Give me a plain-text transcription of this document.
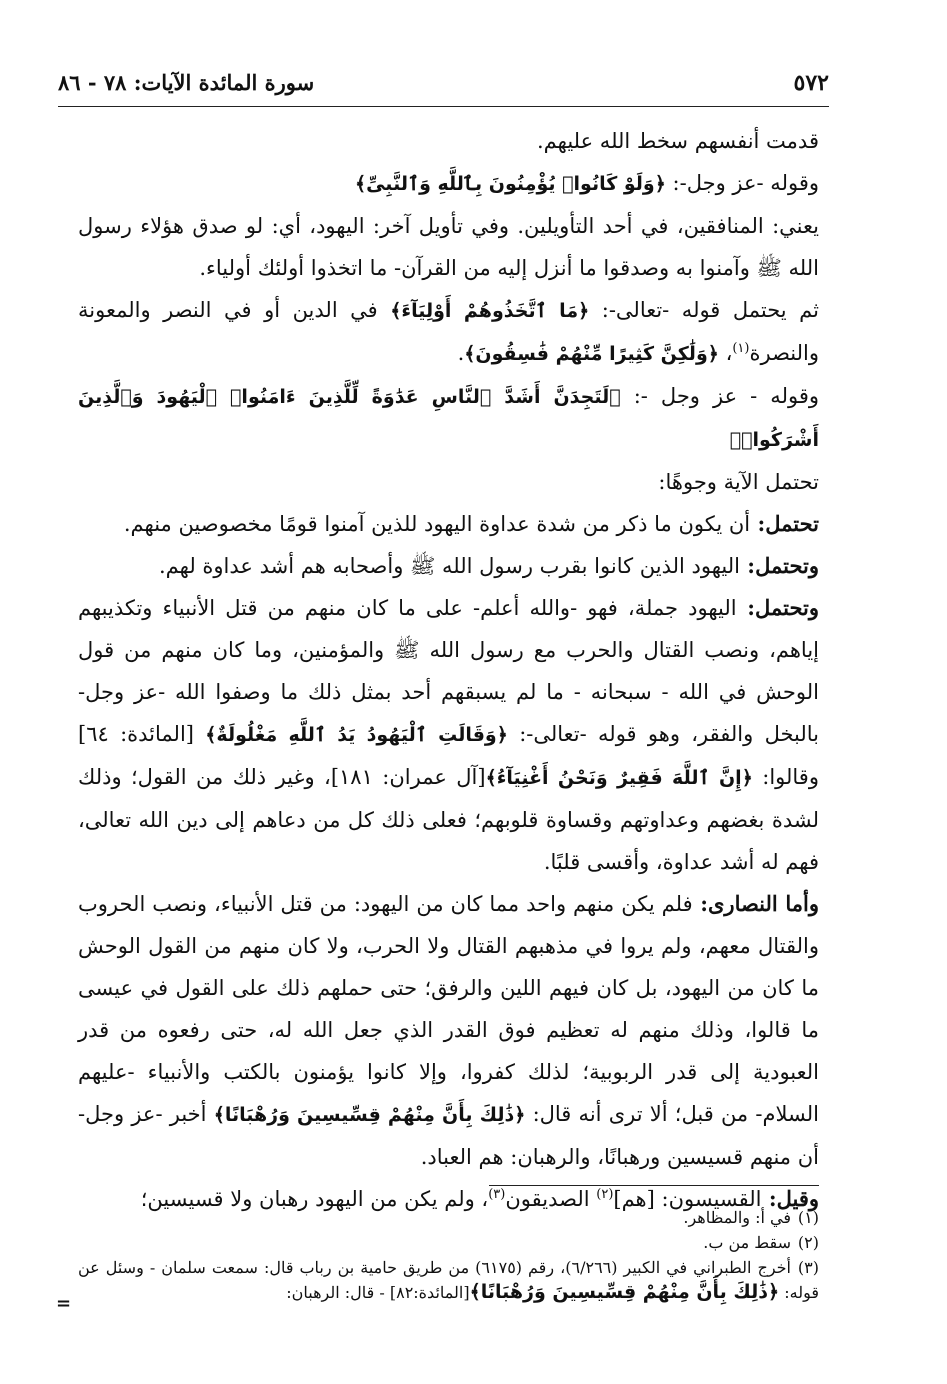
٥٧٢
سورة المائدة الآيات: ٧٨ - ٨٦

قدمت أنفسهم سخط الله عليهم.

وقوله -عز وجل-: ﴿وَلَوْ كَانُوا۟ يُؤْمِنُونَ بِٱللَّهِ وَٱلنَّبِىِّ﴾

يعني: المنافقين، في أحد التأويلين. وفي تأويل آخر: اليهود، أي: لو صدق هؤلاء رسول الله ﷺ وآمنوا به وصدقوا ما أنزل إليه من القرآن- ما اتخذوا أولئك أولياء.

ثم يحتمل قوله -تعالى-: ﴿مَا ٱتَّخَذُوهُمْ أَوْلِيَآءَ﴾ في الدين أو في النصر والمعونة والنصرة$^{(١)}$، ﴿وَلَٰكِنَّ كَثِيرًا مِّنْهُمْ فَٰسِقُونَ﴾.

وقوله - عز وجل -: ﴿لَتَجِدَنَّ أَشَدَّ ٱلنَّاسِ عَدَٰوَةً لِّلَّذِينَ ءَامَنُوا۟ ٱلْيَهُودَ وَٱلَّذِينَ أَشْرَكُوا۟﴾

تحتمل الآية وجوهًا:

تحتمل: أن يكون ما ذكر من شدة عداوة اليهود للذين آمنوا قومًا مخصوصين منهم.

وتحتمل: اليهود الذين كانوا بقرب رسول الله ﷺ وأصحابه هم أشد عداوة لهم.

وتحتمل: اليهود جملة، فهو -والله أعلم- على ما كان منهم من قتل الأنبياء وتكذيبهم إياهم، ونصب القتال والحرب مع رسول الله ﷺ والمؤمنين، وما كان منهم من قول الوحش في الله - سبحانه - ما لم يسبقهم أحد بمثل ذلك ما وصفوا الله -عز وجل- بالبخل والفقر، وهو قوله -تعالى-: ﴿وَقَالَتِ ٱلْيَهُودُ يَدُ ٱللَّهِ مَغْلُولَةٌ﴾ [المائدة: ٦٤] وقالوا: ﴿إِنَّ ٱللَّهَ فَقِيرٌ وَنَحْنُ أَغْنِيَآءُ﴾[آل عمران: ١٨١]، وغير ذلك من القول؛ وذلك لشدة بغضهم وعداوتهم وقساوة قلوبهم؛ فعلى ذلك كل من دعاهم إلى دين الله تعالى، فهم له أشد عداوة، وأقسى قلبًا.

وأما النصارى: فلم يكن منهم واحد مما كان من اليهود: من قتل الأنبياء، ونصب الحروب والقتال معهم، ولم يروا في مذهبهم القتال ولا الحرب، ولا كان منهم من القول الوحش ما كان من اليهود، بل كان فيهم اللين والرفق؛ حتى حملهم ذلك على القول في عيسى ما قالوا، وذلك منهم له تعظيم فوق القدر الذي جعل الله له، حتى رفعوه من قدر العبودية إلى قدر الربوبية؛ لذلك كفروا، وإلا كانوا يؤمنون بالكتب والأنبياء -عليهم السلام- من قبل؛ ألا ترى أنه قال: ﴿ذَٰلِكَ بِأَنَّ مِنْهُمْ قِسِّيسِينَ وَرُهْبَانًا﴾ أخبر -عز وجل- أن منهم قسيسين ورهبانًا، والرهبان: هم العباد.

وقيل: القسيسون: [هم]$^{(٢)}$ الصديقون$^{(٣)}$، ولم يكن من اليهود رهبان ولا قسيسين؛

(١)في أ: والمظاهر.

(٢)سقط من ب.

(٣)أخرج الطبراني في الكبير (٦/٢٦٦)، رقم (٦١٧٥) من طريق حامية بن رباب قال: سمعت سلمان - وسئل عن قوله: ﴿ذَٰلِكَ بِأَنَّ مِنْهُمْ قِسِّيسِينَ وَرُهْبَانًا﴾[المائدة:٨٢] - قال: الرهبان:

=
